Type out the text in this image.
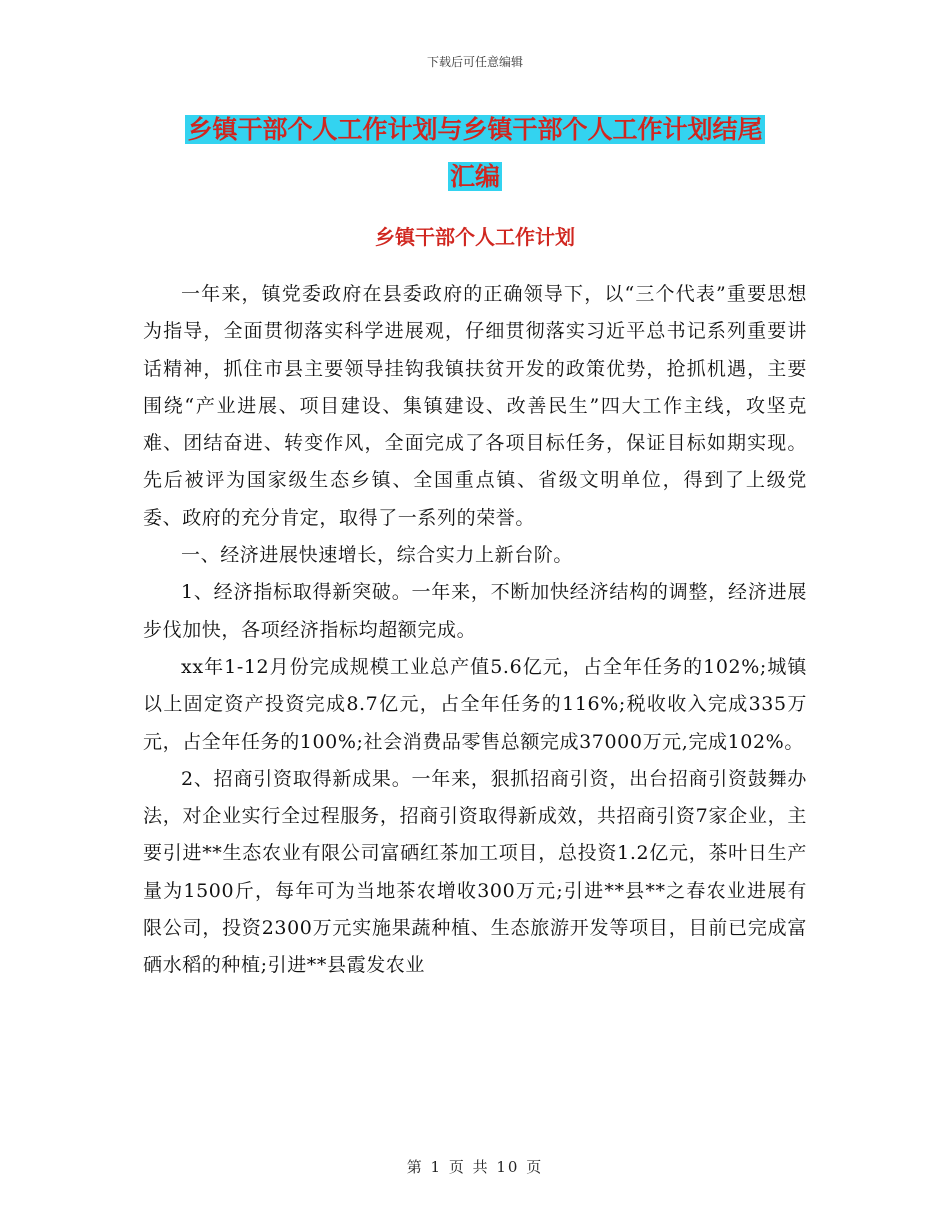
下载后可任意编辑
乡镇干部个人工作计划与乡镇干部个人工作计划结尾
汇编
乡镇干部个人工作计划

一年来，镇党委政府在县委政府的正确领导下，以“三个代表”重要思想为指导，全面贯彻落实科学进展观，仔细贯彻落实习近平总书记系列重要讲话精神，抓住市县主要领导挂钩我镇扶贫开发的政策优势，抢抓机遇，主要围绕“产业进展、项目建设、集镇建设、改善民生”四大工作主线，攻坚克难、团结奋进、转变作风，全面完成了各项目标任务，保证目标如期实现。先后被评为国家级生态乡镇、全国重点镇、省级文明单位，得到了上级党委、政府的充分肯定，取得了一系列的荣誉。

一、经济进展快速增长，综合实力上新台阶。

1、经济指标取得新突破。一年来，不断加快经济结构的调整，经济进展步伐加快，各项经济指标均超额完成。

xx年1-12月份完成规模工业总产值5.6亿元，占全年任务的102%;城镇以上固定资产投资完成8.7亿元，占全年任务的116%;税收收入完成335万元，占全年任务的100%;社会消费品零售总额完成37000万元,完成102%。

2、招商引资取得新成果。一年来，狠抓招商引资，出台招商引资鼓舞办法，对企业实行全过程服务，招商引资取得新成效，共招商引资7家企业，主要引进**生态农业有限公司富硒红茶加工项目，总投资1.2亿元，茶叶日生产量为1500斤，每年可为当地茶农增收300万元;引进**县**之春农业进展有限公司，投资2300万元实施果蔬种植、生态旅游开发等项目，目前已完成富硒水稻的种植;引进**县霞发农业

第 1 页 共 10 页
